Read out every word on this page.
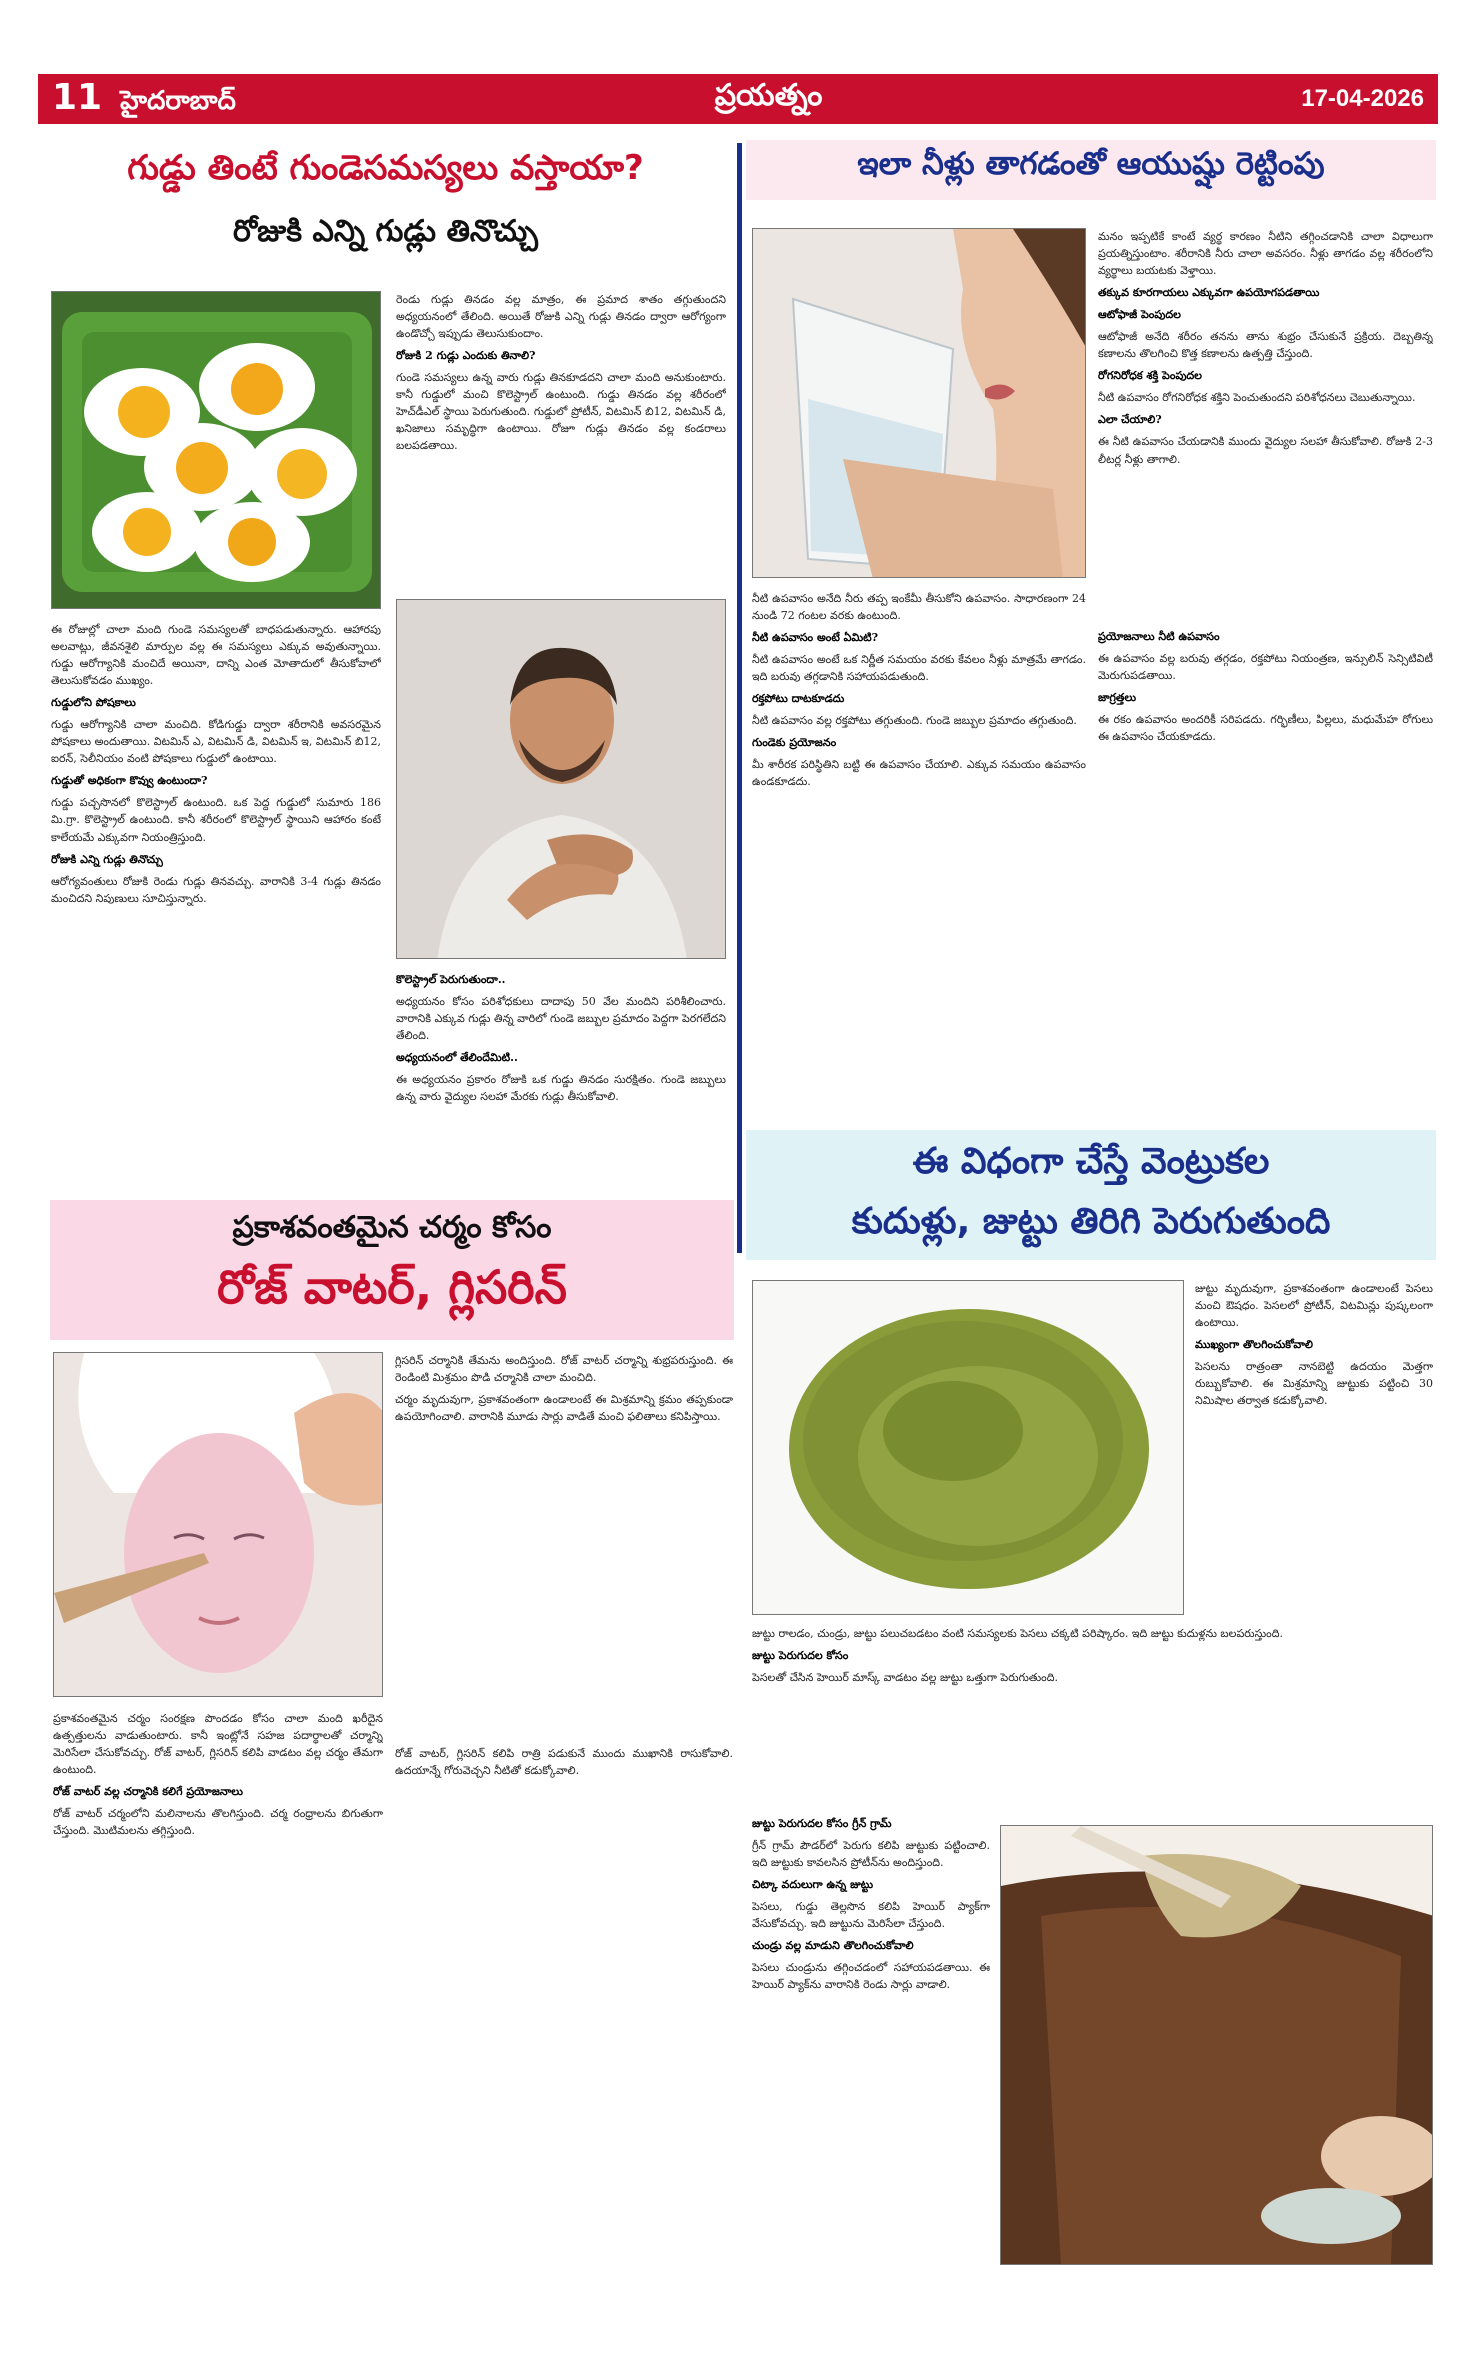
11 హైదరాబాద్	ప్రయత్నం	17-04-2026
గుడ్డు తింటే గుండెసమస్యలు వస్తాయా?
రోజుకి ఎన్ని గుడ్లు తినొచ్చు

రెండు గుడ్లు తినడం వల్ల మాత్రం, ఈ ప్రమాద శాతం తగ్గుతుందని అధ్యయనంలో తేలింది. అయితే రోజుకి ఎన్ని గుడ్లు తినడం ద్వారా ఆరోగ్యంగా ఉండొచ్చో ఇప్పుడు తెలుసుకుందాం.

రోజుకి 2 గుడ్లు ఎందుకు తినాలి?

గుండె సమస్యలు ఉన్న వారు గుడ్లు తినకూడదని చాలా మంది అనుకుంటారు. కానీ గుడ్డులో మంచి కొలెస్ట్రాల్ ఉంటుంది. గుడ్డు తినడం వల్ల శరీరంలో హెచ్‌డీఎల్ స్థాయి పెరుగుతుంది. గుడ్డులో ప్రోటీన్, విటమిన్ బి12, విటమిన్ డి, ఖనిజాలు సమృద్ధిగా ఉంటాయి. రోజూ గుడ్లు తినడం వల్ల కండరాలు బలపడతాయి.

ఈ రోజుల్లో చాలా మంది గుండె సమస్యలతో బాధపడుతున్నారు. ఆహారపు అలవాట్లు, జీవనశైలి మార్పుల వల్ల ఈ సమస్యలు ఎక్కువ అవుతున్నాయి. గుడ్డు ఆరోగ్యానికి మంచిదే అయినా, దాన్ని ఎంత మోతాదులో తీసుకోవాలో తెలుసుకోవడం ముఖ్యం.

గుడ్డులోని పోషకాలు

గుడ్డు ఆరోగ్యానికి చాలా మంచిది. కోడిగుడ్డు ద్వారా శరీరానికి అవసరమైన పోషకాలు అందుతాయి. విటమిన్ ఎ, విటమిన్ డి, విటమిన్ ఇ, విటమిన్ బి12, ఐరన్, సెలీనియం వంటి పోషకాలు గుడ్డులో ఉంటాయి.

గుడ్డుతో అధికంగా కొవ్వు ఉంటుందా?

గుడ్డు పచ్చసొనలో కొలెస్ట్రాల్ ఉంటుంది. ఒక పెద్ద గుడ్డులో సుమారు 186 మి.గ్రా. కొలెస్ట్రాల్ ఉంటుంది. కానీ శరీరంలో కొలెస్ట్రాల్ స్థాయిని ఆహారం కంటే కాలేయమే ఎక్కువగా నియంత్రిస్తుంది.

రోజుకి ఎన్ని గుడ్లు తినొచ్చు

ఆరోగ్యవంతులు రోజుకి రెండు గుడ్లు తినవచ్చు. వారానికి 3-4 గుడ్లు తినడం మంచిదని నిపుణులు సూచిస్తున్నారు.

కొలెస్ట్రాల్ పెరుగుతుందా..

అధ్యయనం కోసం పరిశోధకులు దాదాపు 50 వేల మందిని పరిశీలించారు. వారానికి ఎక్కువ గుడ్లు తిన్న వారిలో గుండె జబ్బుల ప్రమాదం పెద్దగా పెరగలేదని తేలింది.

అధ్యయనంలో తేలిందేమిటి..

ఈ అధ్యయనం ప్రకారం రోజుకి ఒక గుడ్డు తినడం సురక్షితం. గుండె జబ్బులు ఉన్న వారు వైద్యుల సలహా మేరకు గుడ్లు తీసుకోవాలి.

ఇలా నీళ్లు తాగడంతో ఆయుష్షు రెట్టింపు

మనం ఇప్పటికే కాంటే వ్యర్థ కారణం నీటిని తగ్గించడానికి చాలా విధాలుగా ప్రయత్నిస్తుంటాం. శరీరానికి నీరు చాలా అవసరం. నీళ్లు తాగడం వల్ల శరీరంలోని వ్యర్థాలు బయటకు వెళ్తాయి.

తక్కువ కూరగాయలు ఎక్కువగా ఉపయోగపడతాయి

ఆటోఫాజీ పెంపుదల

ఆటోఫాజీ అనేది శరీరం తనను తాను శుభ్రం చేసుకునే ప్రక్రియ. దెబ్బతిన్న కణాలను తొలగించి కొత్త కణాలను ఉత్పత్తి చేస్తుంది.

రోగనిరోధక శక్తి పెంపుదల

నీటి ఉపవాసం రోగనిరోధక శక్తిని పెంచుతుందని పరిశోధనలు చెబుతున్నాయి.

ఎలా చేయాలి?

ఈ నీటి ఉపవాసం చేయడానికి ముందు వైద్యుల సలహా తీసుకోవాలి. రోజుకి 2-3 లీటర్ల నీళ్లు తాగాలి.

నీటి ఉపవాసం అనేది నీరు తప్ప ఇంకేమీ తీసుకోని ఉపవాసం. సాధారణంగా 24 నుండి 72 గంటల వరకు ఉంటుంది.

నీటి ఉపవాసం అంటే ఏమిటి?

నీటి ఉపవాసం అంటే ఒక నిర్ణీత సమయం వరకు కేవలం నీళ్లు మాత్రమే తాగడం. ఇది బరువు తగ్గడానికి సహాయపడుతుంది.

రక్తపోటు దాటకూడదు

నీటి ఉపవాసం వల్ల రక్తపోటు తగ్గుతుంది. గుండె జబ్బుల ప్రమాదం తగ్గుతుంది.

గుండెకు ప్రయోజనం

మీ శారీరక పరిస్థితిని బట్టి ఈ ఉపవాసం చేయాలి. ఎక్కువ సమయం ఉపవాసం ఉండకూడదు.

ప్రయోజనాలు నీటి ఉపవాసం

ఈ ఉపవాసం వల్ల బరువు తగ్గడం, రక్తపోటు నియంత్రణ, ఇన్సులిన్ సెన్సిటివిటీ మెరుగుపడతాయి.

జాగ్రత్తలు

ఈ రకం ఉపవాసం అందరికీ సరిపడదు. గర్భిణీలు, పిల్లలు, మధుమేహ రోగులు ఈ ఉపవాసం చేయకూడదు.

ప్రకాశవంతమైన చర్మం కోసం
రోజ్ వాటర్, గ్లిసరిన్

గ్లిసరిన్ చర్మానికి తేమను అందిస్తుంది. రోజ్ వాటర్ చర్మాన్ని శుభ్రపరుస్తుంది. ఈ రెండింటి మిశ్రమం పొడి చర్మానికి చాలా మంచిది.

చర్మం మృదువుగా, ప్రకాశవంతంగా ఉండాలంటే ఈ మిశ్రమాన్ని క్రమం తప్పకుండా ఉపయోగించాలి. వారానికి మూడు సార్లు వాడితే మంచి ఫలితాలు కనిపిస్తాయి.

ప్రకాశవంతమైన చర్మం సంరక్షణ పొందడం కోసం చాలా మంది ఖరీదైన ఉత్పత్తులను వాడుతుంటారు. కానీ ఇంట్లోనే సహజ పదార్థాలతో చర్మాన్ని మెరిసేలా చేసుకోవచ్చు. రోజ్ వాటర్, గ్లిసరిన్ కలిపి వాడటం వల్ల చర్మం తేమగా ఉంటుంది.

రోజ్ వాటర్ వల్ల చర్మానికి కలిగే ప్రయోజనాలు

రోజ్ వాటర్ చర్మంలోని మలినాలను తొలగిస్తుంది. చర్మ రంధ్రాలను బిగుతుగా చేస్తుంది. మొటిమలను తగ్గిస్తుంది.

రోజ్ వాటర్, గ్లిసరిన్ కలిపి రాత్రి పడుకునే ముందు ముఖానికి రాసుకోవాలి. ఉదయాన్నే గోరువెచ్చని నీటితో కడుక్కోవాలి.

ఈ విధంగా చేస్తే వెంట్రుకల
కుదుళ్లు, జుట్టు తిరిగి పెరుగుతుంది

జుట్టు మృదువుగా, ప్రకాశవంతంగా ఉండాలంటే పెసలు మంచి ఔషధం. పెసలలో ప్రోటీన్, విటమిన్లు పుష్కలంగా ఉంటాయి.

ముఖ్యంగా తొలగించుకోవాలి

పెసలను రాత్రంతా నానబెట్టి ఉదయం మెత్తగా రుబ్బుకోవాలి. ఈ మిశ్రమాన్ని జుట్టుకు పట్టించి 30 నిమిషాల తర్వాత కడుక్కోవాలి.

జుట్టు రాలడం, చుండ్రు, జుట్టు పలుచబడటం వంటి సమస్యలకు పెసలు చక్కటి పరిష్కారం. ఇది జుట్టు కుదుళ్లను బలపరుస్తుంది.

జుట్టు పెరుగుదల కోసం

పెసలతో చేసిన హెయిర్ మాస్క్ వాడటం వల్ల జుట్టు ఒత్తుగా పెరుగుతుంది.

జుట్టు పెరుగుదల కోసం గ్రీన్ గ్రామ్

గ్రీన్ గ్రామ్ పౌడర్‌లో పెరుగు కలిపి జుట్టుకు పట్టించాలి. ఇది జుట్టుకు కావలసిన ప్రోటీన్‌ను అందిస్తుంది.

చిట్కా వదులుగా ఉన్న జుట్టు

పెసలు, గుడ్డు తెల్లసొన కలిపి హెయిర్ ప్యాక్‌గా వేసుకోవచ్చు. ఇది జుట్టును మెరిసేలా చేస్తుంది.

చుండ్రు వల్ల మాడుని తొలగించుకోవాలి

పెసలు చుండ్రును తగ్గించడంలో సహాయపడతాయి. ఈ హెయిర్ ప్యాక్‌ను వారానికి రెండు సార్లు వాడాలి.
